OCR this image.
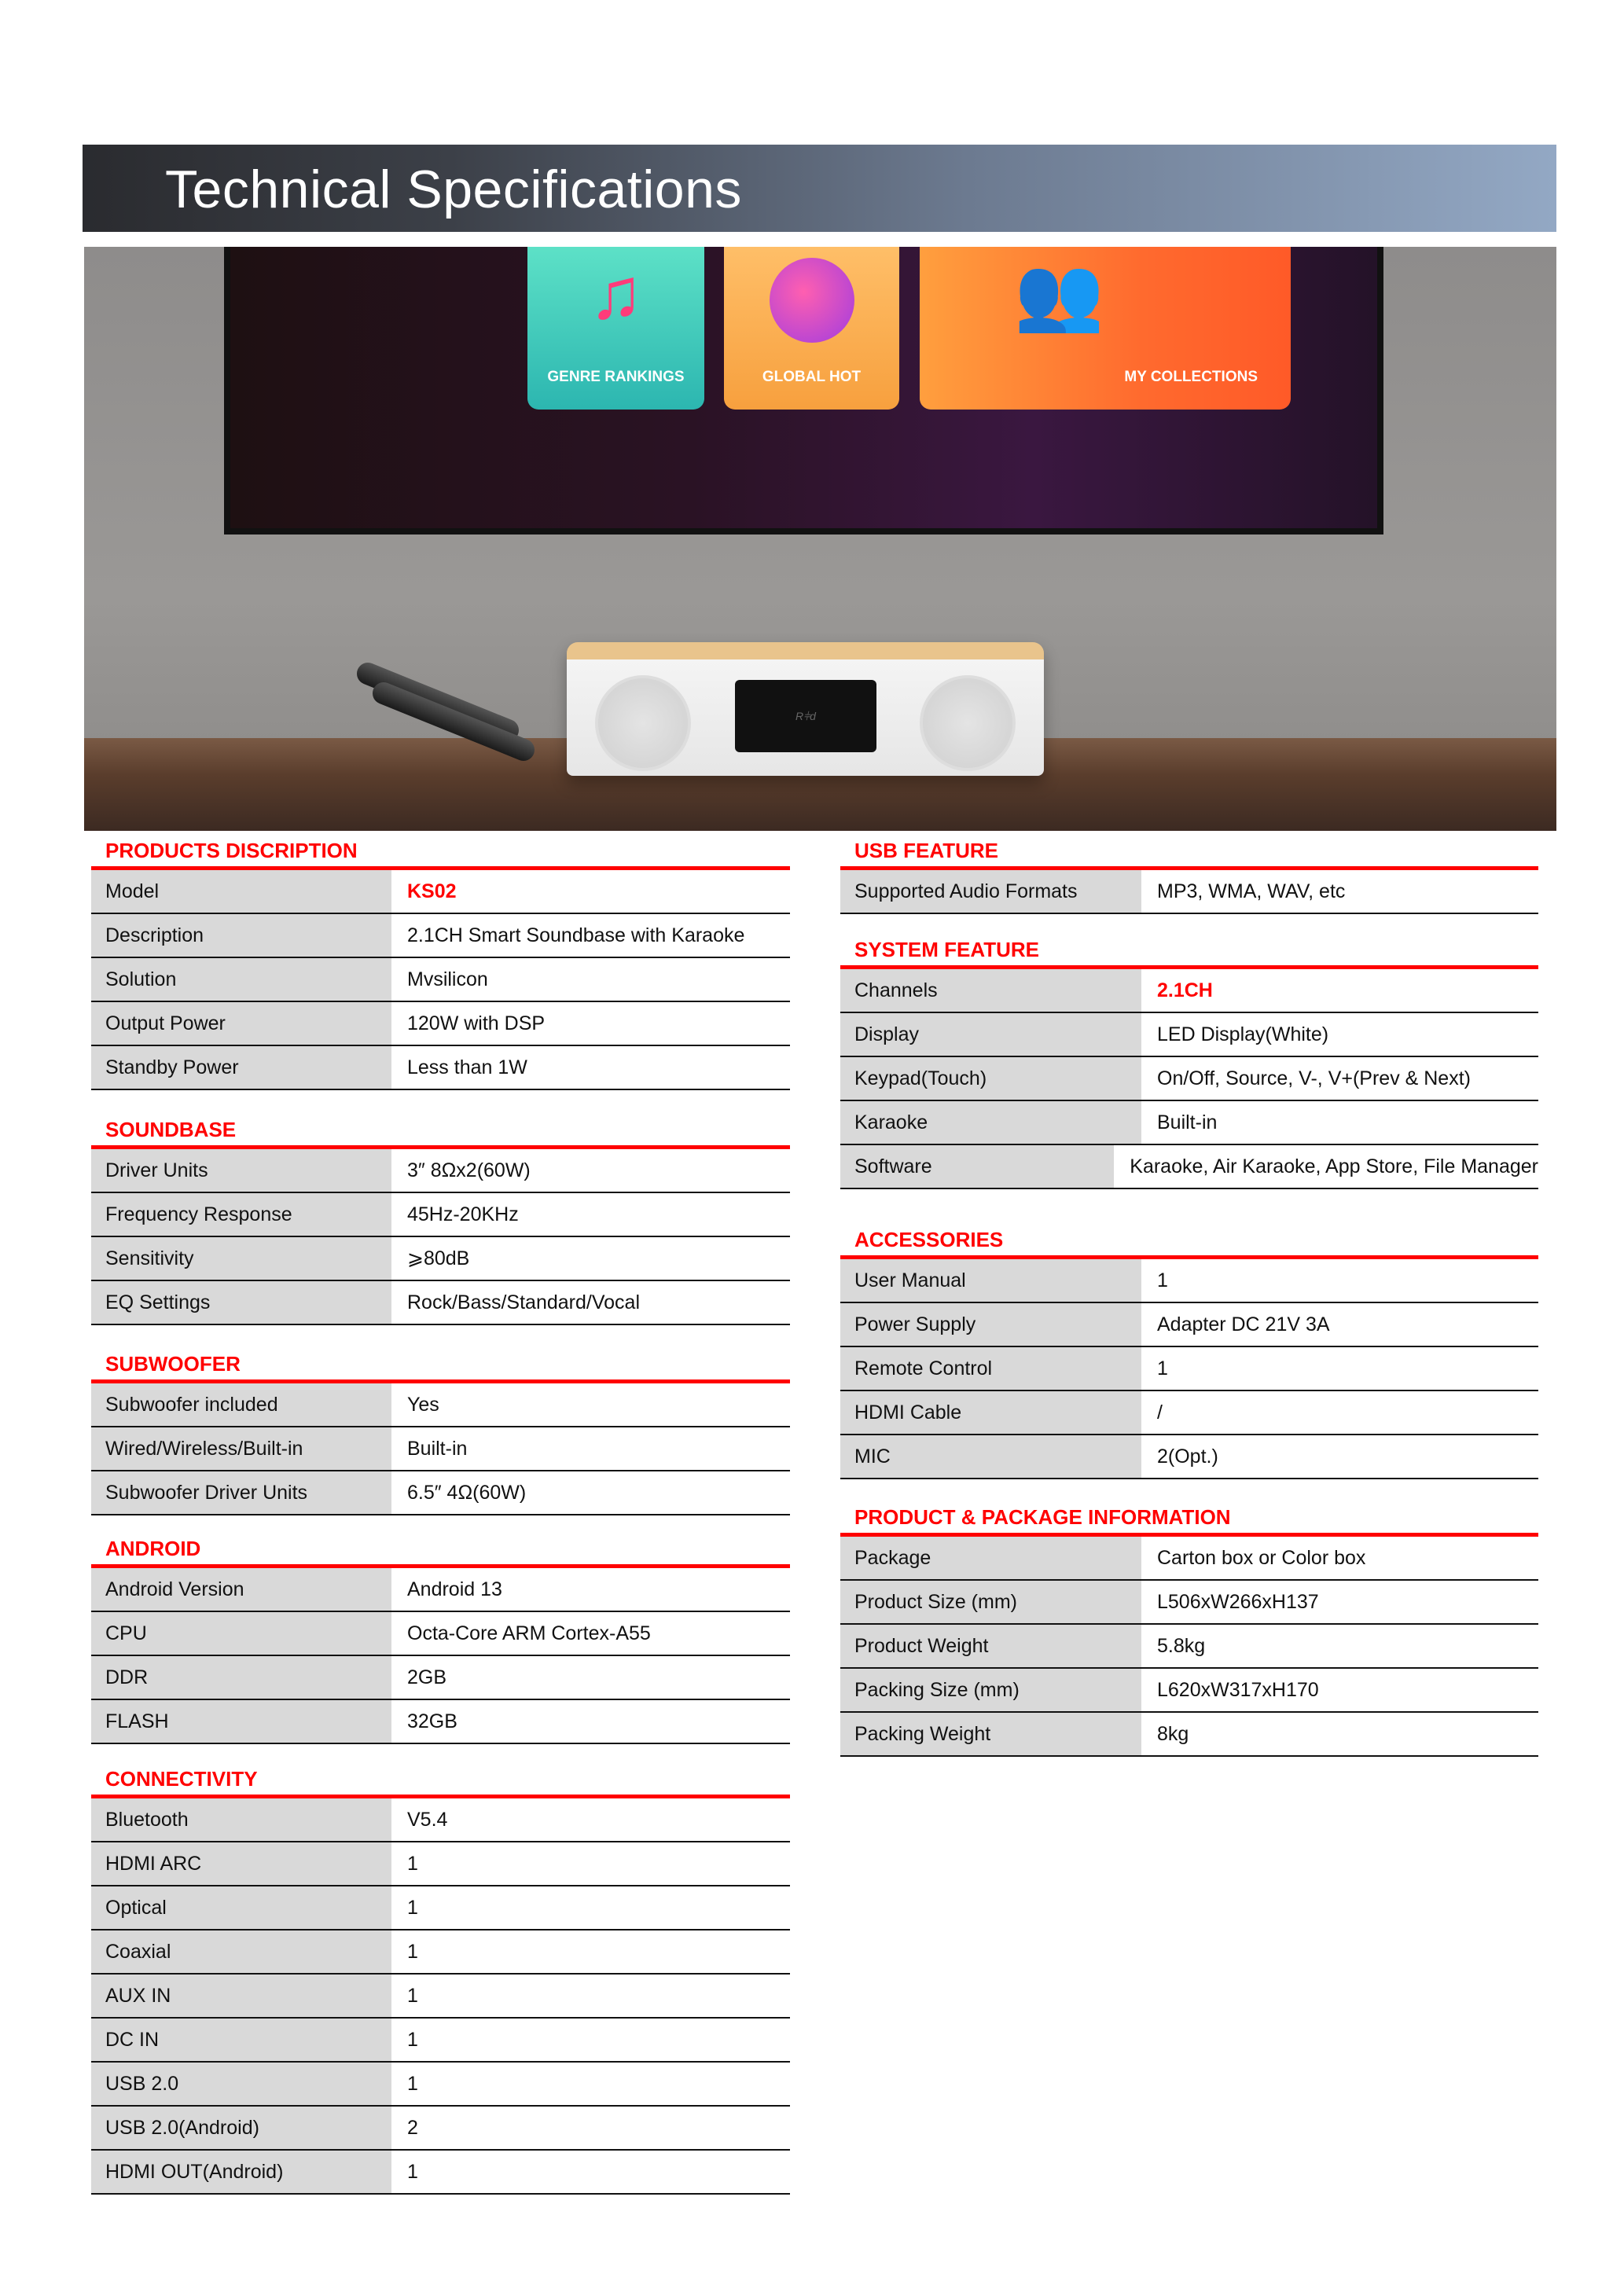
Technical Specifications
♫
GENRE RANKINGS	GLOBAL HOT
👥
MY COLLECTIONS
R⫩d
PRODUCTS DISCRIPTION
Model	KS02
Description	2.1CH Smart Soundbase with Karaoke
Solution	Mvsilicon
Output Power	120W with DSP
Standby Power	Less than 1W
SOUNDBASE
Driver Units	3″ 8Ωx2(60W)
Frequency Response	45Hz-20KHz
Sensitivity	⩾80dB
EQ Settings	Rock/Bass/Standard/Vocal
SUBWOOFER
Subwoofer included	Yes
Wired/Wireless/Built-in	Built-in
Subwoofer Driver Units	6.5″ 4Ω(60W)
ANDROID
Android Version	Android 13
CPU	Octa-Core ARM Cortex-A55
DDR	2GB
FLASH	32GB
CONNECTIVITY
Bluetooth	V5.4
HDMI ARC	1
Optical	1
Coaxial	1
AUX IN	1
DC IN	1
USB 2.0	1
USB 2.0(Android)	2
HDMI OUT(Android)	1
USB FEATURE
Supported Audio Formats	MP3, WMA, WAV, etc
SYSTEM FEATURE
Channels	2.1CH
Display	LED Display(White)
Keypad(Touch)	On/Off, Source, V-, V+(Prev & Next)
Karaoke	Built-in
Software	Karaoke, Air Karaoke, App Store, File Manager
ACCESSORIES
User Manual	1
Power Supply	Adapter DC 21V 3A
Remote Control	1
HDMI Cable	/
MIC	2(Opt.)
PRODUCT & PACKAGE INFORMATION
Package	Carton box or Color box
Product Size (mm)	L506xW266xH137
Product Weight	5.8kg
Packing Size (mm)	L620xW317xH170
Packing Weight	8kg
